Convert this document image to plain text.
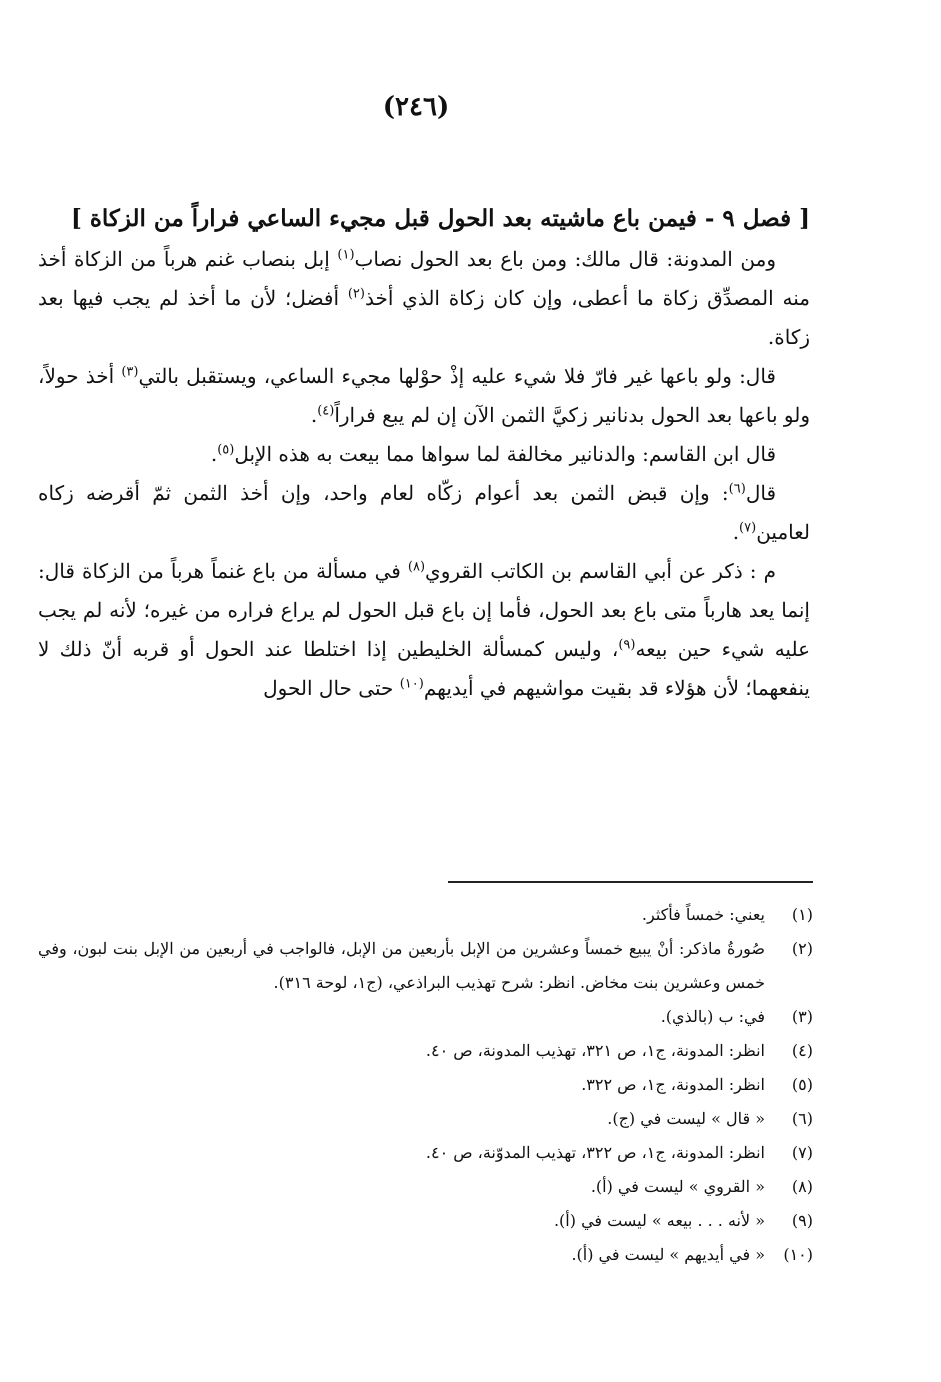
(٢٤٦)
[ فصل ٩ - فيمن باع ماشيته بعد الحول قبل مجيء الساعي فراراً من الزكاة ]

ومن المدونة: قال مالك: ومن باع بعد الحول نصاب$^{(١)}$ إبل بنصاب غنم هرباً من الزكاة أخذ منه المصدِّق زكاة ما أعطى، وإن كان زكاة الذي أخذ$^{(٢)}$ أفضل؛ لأن ما أخذ لم يجب فيها بعد زكاة.

قال: ولو باعها غير فارّ فلا شيء عليه إذْ حوْلها مجيء الساعي، ويستقبل بالتي$^{(٣)}$ أخذ حولاً، ولو باعها بعد الحول بدنانير زكيَّ الثمن الآن إن لم يبع فراراً$^{(٤)}$.

قال ابن القاسم: والدنانير مخالفة لما سواها مما بيعت به هذه الإبل$^{(٥)}$.

قال$^{(٦)}$: وإن قبض الثمن بعد أعوام زكّاه لعام واحد، وإن أخذ الثمن ثمّ أقرضه زكاه لعامين$^{(٧)}$.

م : ذكر عن أبي القاسم بن الكاتب القروي$^{(٨)}$ في مسألة من باع غنماً هرباً من الزكاة قال: إنما يعد هارباً متى باع بعد الحول، فأما إن باع قبل الحول لم يراع فراره من غيره؛ لأنه لم يجب عليه شيء حين بيعه$^{(٩)}$، وليس كمسألة الخليطين إذا اختلطا عند الحول أو قربه أنّ ذلك لا ينفعهما؛ لأن هؤلاء قد بقيت مواشيهم في أيديهم$^{(١٠)}$ حتى حال الحول

(١)
يعني: خمساً فأكثر.
(٢)
صُورةُ ماذكر: أنْ يبيع خمساً وعشرين من الإبل بأربعين من الإبل، فالواجب في أربعين من الإبل بنت لبون، وفي خمس وعشرين بنت مخاض. انظر: شرح تهذيب البراذعي، (ج١، لوحة ٣١٦).
(٣)
في: ب (بالذي).
(٤)
انظر: المدونة، ج١، ص ٣٢١، تهذيب المدونة، ص ٤٠.
(٥)
انظر: المدونة، ج١، ص ٣٢٢.
(٦)
« قال » ليست في (ج).
(٧)
انظر: المدونة، ج١، ص ٣٢٢، تهذيب المدوّنة، ص ٤٠.
(٨)
« القروي » ليست في (أ).
(٩)
« لأنه . . . بيعه » ليست في (أ).
(١٠)
« في أيديهم » ليست في (أ).
